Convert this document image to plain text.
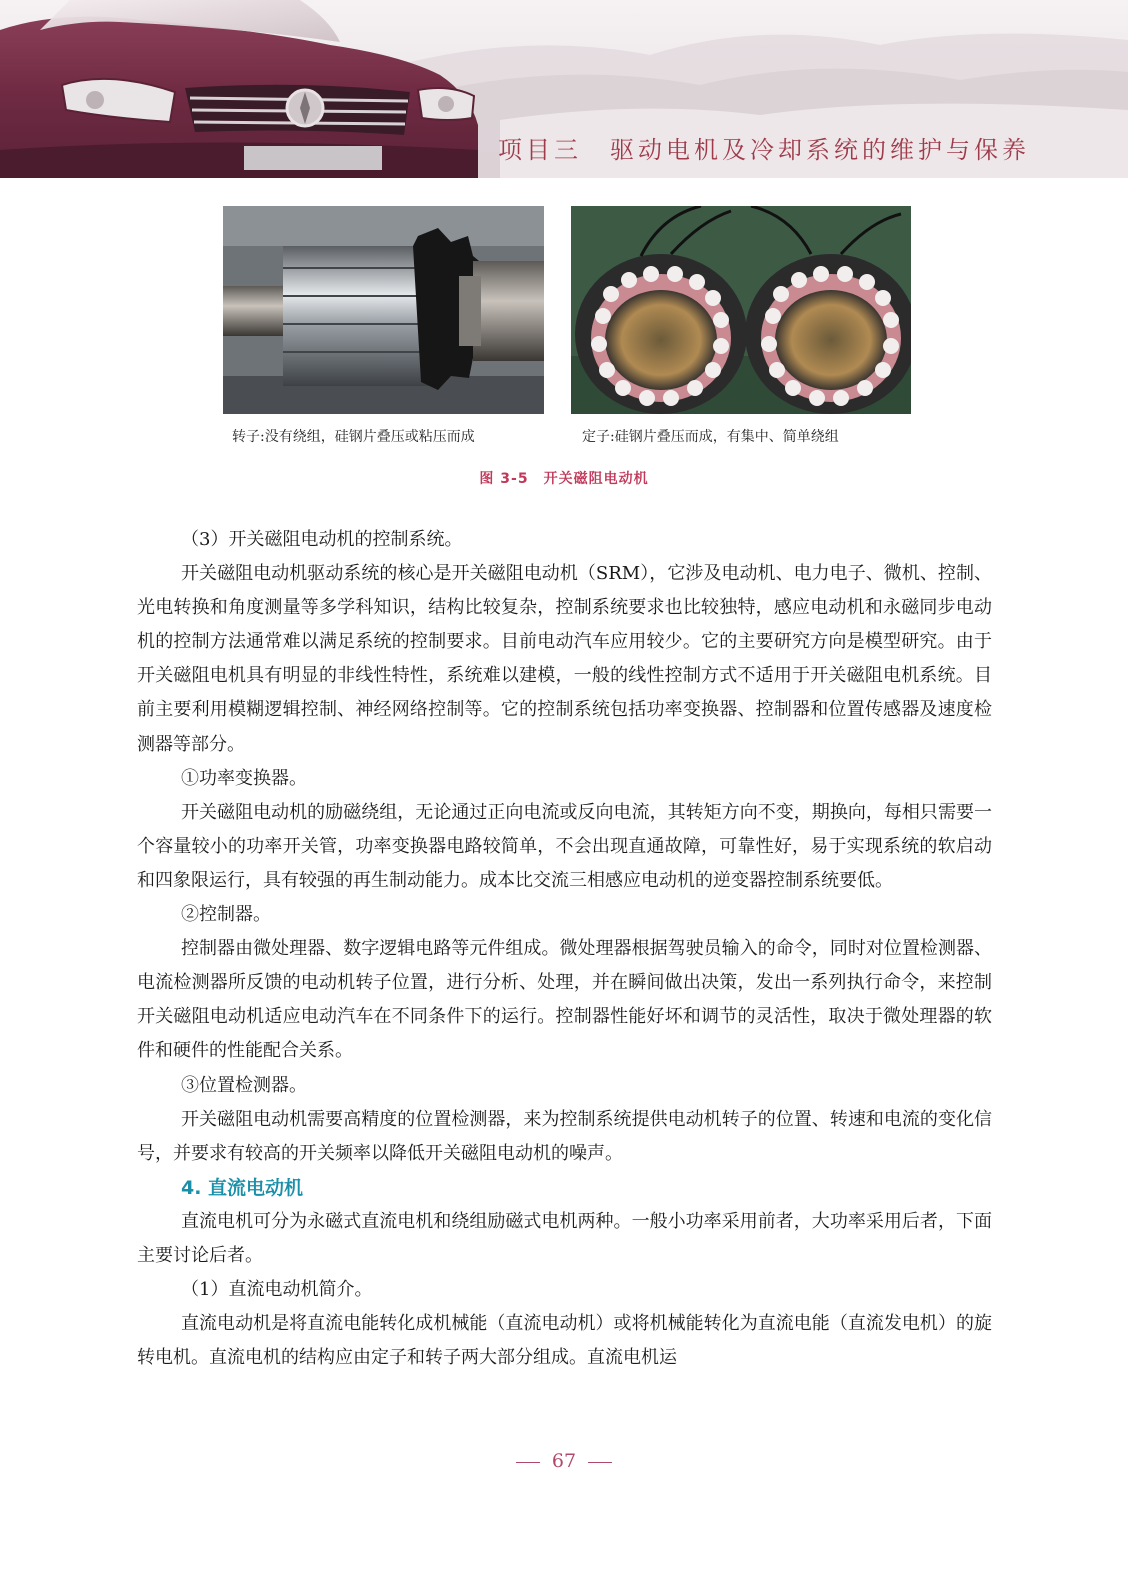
项目三　驱动电机及冷却系统的维护与保养
转子:没有绕组，硅钢片叠压或粘压而成	定子:硅钢片叠压而成，有集中、简单绕组
图 3-5　开关磁阻电动机

（3）开关磁阻电动机的控制系统。

开关磁阻电动机驱动系统的核心是开关磁阻电动机（SRM），它涉及电动机、电力电子、微机、控制、光电转换和角度测量等多学科知识，结构比较复杂，控制系统要求也比较独特，感应电动机和永磁同步电动机的控制方法通常难以满足系统的控制要求。目前电动汽车应用较少。它的主要研究方向是模型研究。由于开关磁阻电机具有明显的非线性特性，系统难以建模，一般的线性控制方式不适用于开关磁阻电机系统。目前主要利用模糊逻辑控制、神经网络控制等。它的控制系统包括功率变换器、控制器和位置传感器及速度检测器等部分。

①功率变换器。

开关磁阻电动机的励磁绕组，无论通过正向电流或反向电流，其转矩方向不变，期换向，每相只需要一个容量较小的功率开关管，功率变换器电路较简单，不会出现直通故障，可靠性好，易于实现系统的软启动和四象限运行，具有较强的再生制动能力。成本比交流三相感应电动机的逆变器控制系统要低。

②控制器。

控制器由微处理器、数字逻辑电路等元件组成。微处理器根据驾驶员输入的命令，同时对位置检测器、电流检测器所反馈的电动机转子位置，进行分析、处理，并在瞬间做出决策，发出一系列执行命令，来控制开关磁阻电动机适应电动汽车在不同条件下的运行。控制器性能好坏和调节的灵活性，取决于微处理器的软件和硬件的性能配合关系。

③位置检测器。

开关磁阻电动机需要高精度的位置检测器，来为控制系统提供电动机转子的位置、转速和电流的变化信号，并要求有较高的开关频率以降低开关磁阻电动机的噪声。

4. 直流电动机

直流电机可分为永磁式直流电机和绕组励磁式电机两种。一般小功率采用前者，大功率采用后者，下面主要讨论后者。

（1）直流电动机简介。

直流电动机是将直流电能转化成机械能（直流电动机）或将机械能转化为直流电能（直流发电机）的旋转电机。直流电机的结构应由定子和转子两大部分组成。直流电机运

67
